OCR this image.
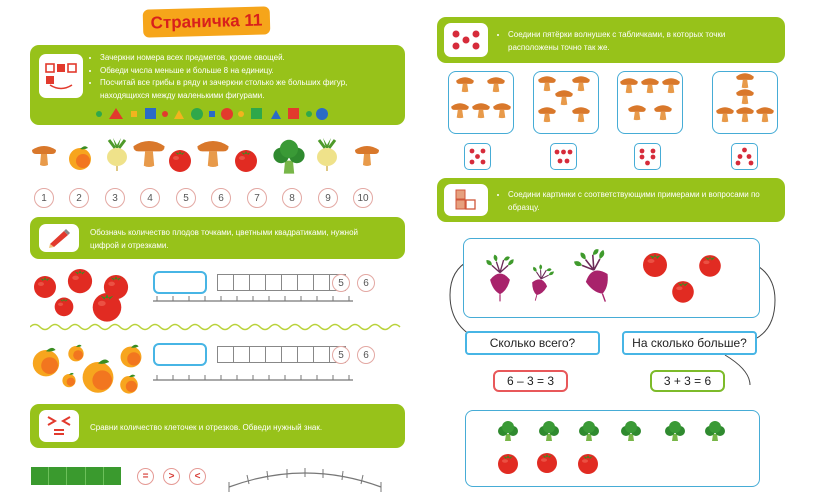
Страничка 11
• Зачеркни номера всех предметов, кроме овощей.
• Обведи числа меньше и больше 8 на единицу.
• Посчитай все грибы в ряду и зачеркни столько же больших фигур, находящихся между маленькими фигурами.
1	2	3	4	5	6	7	8	9	10
Обозначь количество плодов точками, цветными квадратиками, нужной цифрой и отрезками.
5	6
5	6
Сравни количество клеточек и отрезков. Обведи нужный знак.
=	>	<
• Соедини пятёрки волнушек с табличками, в которых точки расположены точно так же.
• Соедини картинки с соответствующими примерами и вопросами по образцу.
Сколько всего?	На сколько больше?
6 – 3 = 3	3 + 3 = 6
